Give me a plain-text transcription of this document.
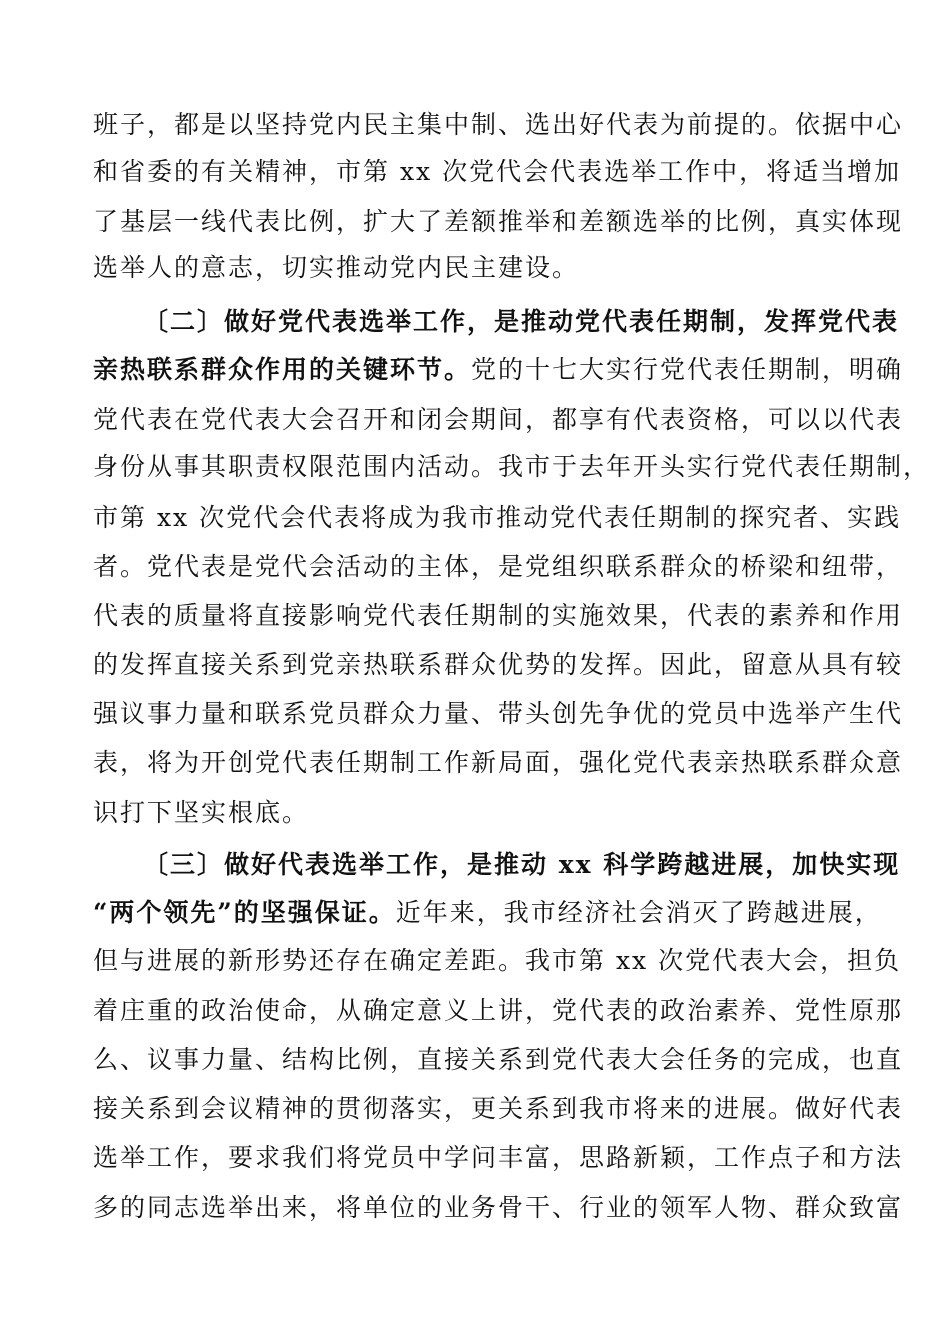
班子，都是以坚持党内民主集中制、选出好代表为前提的。依据中心
和省委的有关精神，市第 xx 次党代会代表选举工作中，将适当增加
了基层一线代表比例，扩大了差额推举和差额选举的比例，真实体现
选举人的意志，切实推动党内民主建设。
〔二〕做好党代表选举工作，是推动党代表任期制，发挥党代表
亲热联系群众作用的关键环节。党的十七大实行党代表任期制，明确
党代表在党代表大会召开和闭会期间，都享有代表资格，可以以代表
身份从事其职责权限范围内活动。我市于去年开头实行党代表任期制，
市第 xx 次党代会代表将成为我市推动党代表任期制的探究者、实践
者。党代表是党代会活动的主体，是党组织联系群众的桥梁和纽带，
代表的质量将直接影响党代表任期制的实施效果，代表的素养和作用
的发挥直接关系到党亲热联系群众优势的发挥。因此，留意从具有较
强议事力量和联系党员群众力量、带头创先争优的党员中选举产生代
表，将为开创党代表任期制工作新局面，强化党代表亲热联系群众意
识打下坚实根底。
〔三〕做好代表选举工作，是推动 xx 科学跨越进展，加快实现
“两个领先”的坚强保证。近年来，我市经济社会消灭了跨越进展，
但与进展的新形势还存在确定差距。我市第 xx 次党代表大会，担负
着庄重的政治使命，从确定意义上讲，党代表的政治素养、党性原那
么、议事力量、结构比例，直接关系到党代表大会任务的完成，也直
接关系到会议精神的贯彻落实，更关系到我市将来的进展。做好代表
选举工作，要求我们将党员中学问丰富，思路新颖，工作点子和方法
多的同志选举出来，将单位的业务骨干、行业的领军人物、群众致富
